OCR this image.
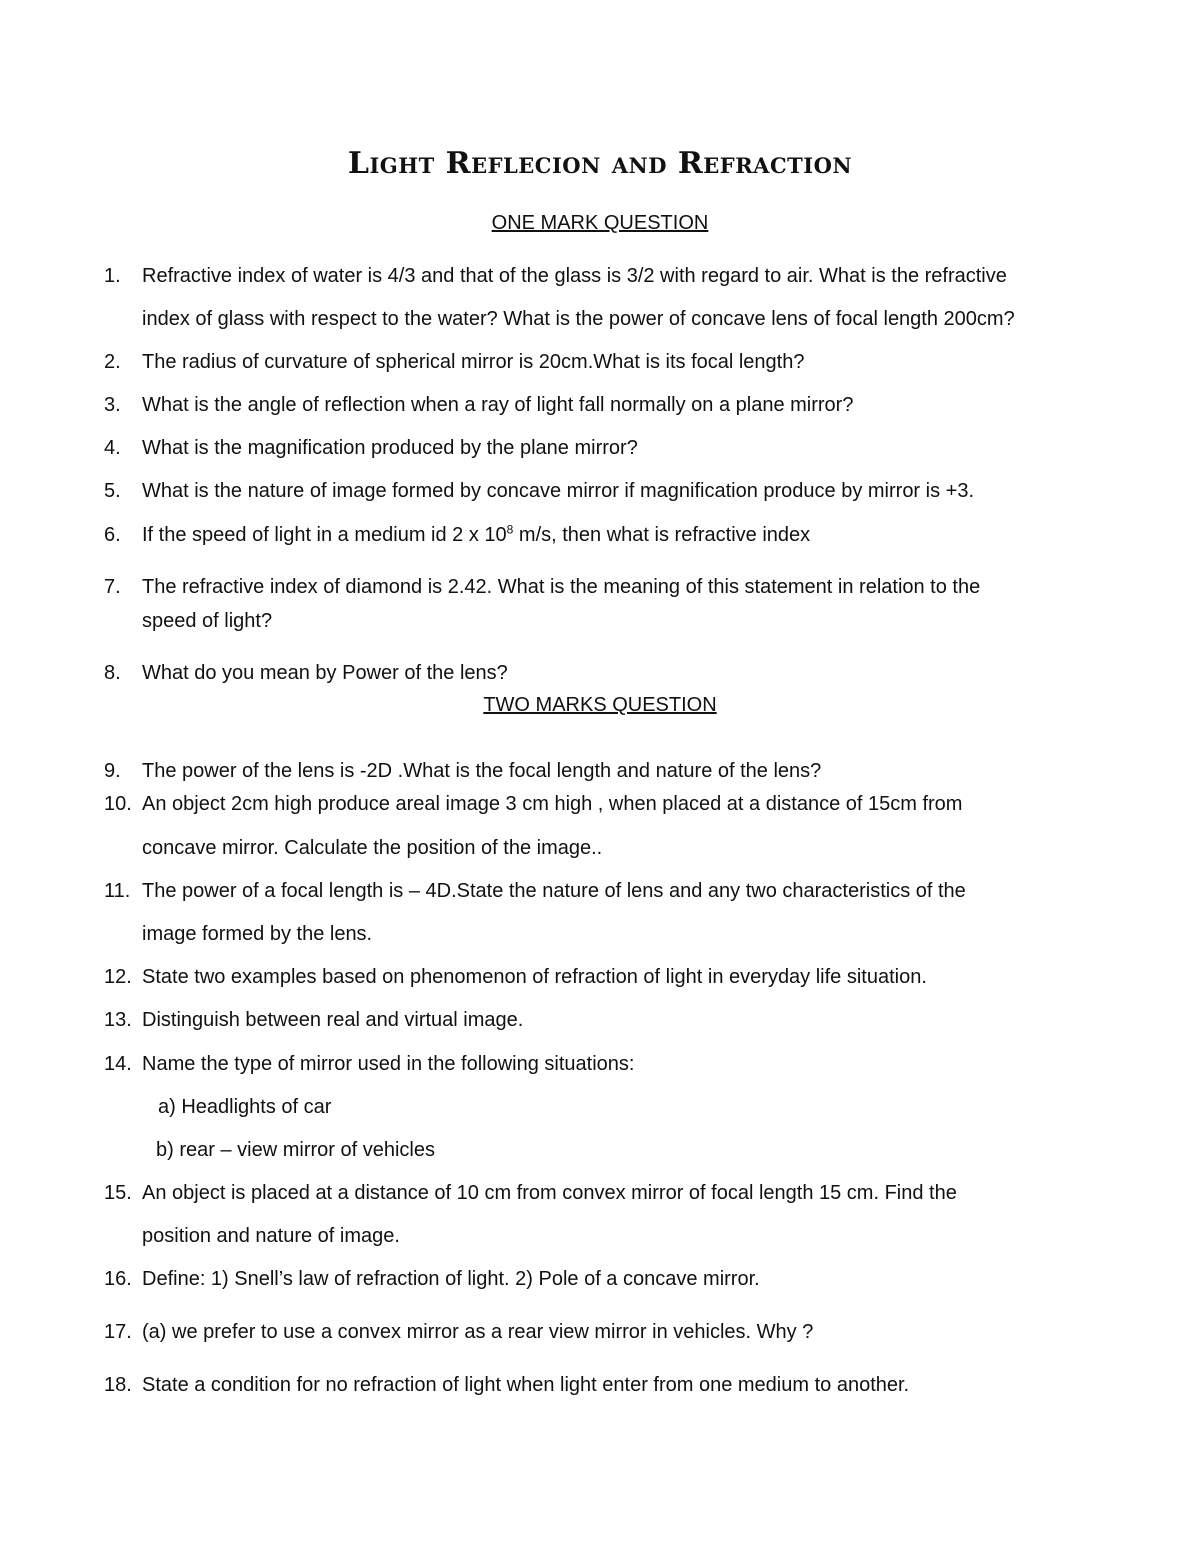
Light Reflecion and Refraction
ONE MARK QUESTION
1. Refractive index of water is 4/3 and that of the glass is 3/2 with regard to air. What is the refractive
index of glass with respect to the water? What is the power of concave lens of focal length 200cm?
2. The radius of curvature of spherical mirror is 20cm.What is its focal length?
3. What is the angle of reflection when a ray of light fall normally on a plane mirror?
4. What is the magnification produced by the plane mirror?
5. What is the nature of image formed by concave mirror if magnification produce by mirror is +3.
6. If the speed of light in a medium id 2 x $10^8$ m/s, then what is refractive index
7. The refractive index of diamond is 2.42. What is the meaning of this statement in relation to the
speed of light?
8. What do you mean by Power of the lens?
TWO MARKS QUESTION
9. The power of the lens is -2D .What is the focal length and nature of the lens?
10. An object 2cm high produce areal image 3 cm high , when placed at a distance of 15cm from
concave mirror. Calculate the position of the image..
11. The power of a focal length is – 4D.State the nature of lens and any two characteristics of the
image formed by the lens.
12. State two examples based on phenomenon of refraction of light in everyday life situation.
13. Distinguish between real and virtual image.
14. Name the type of mirror used in the following situations:
a) Headlights of car
b) rear – view mirror of vehicles
15. An object is placed at a distance of 10 cm from convex mirror of focal length 15 cm. Find the
position and nature of image.
16. Define: 1) Snell’s law of refraction of light. 2) Pole of a concave mirror.
17. (a) we prefer to use a convex mirror as a rear view mirror in vehicles. Why ?
18. State a condition for no refraction of light when light enter from one medium to another.
